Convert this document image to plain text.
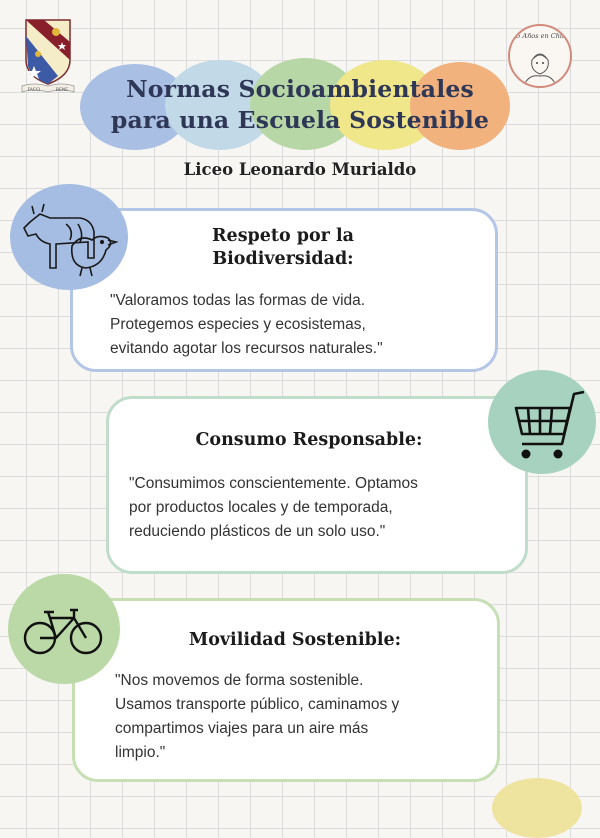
FACCI	BENE
75 Años en Chile
Normas Socioambientales
para una Escuela Sostenible
Liceo Leonardo Murialdo
Respeto por la
Biodiversidad:
"Valoramos todas las formas de vida.
Protegemos especies y ecosistemas,
evitando agotar los recursos naturales."
Consumo Responsable:
"Consumimos conscientemente. Optamos
por productos locales y de temporada,
reduciendo plásticos de un solo uso."
Movilidad Sostenible:
"Nos movemos de forma sostenible.
Usamos transporte público, caminamos y
compartimos viajes para un aire más
limpio."
